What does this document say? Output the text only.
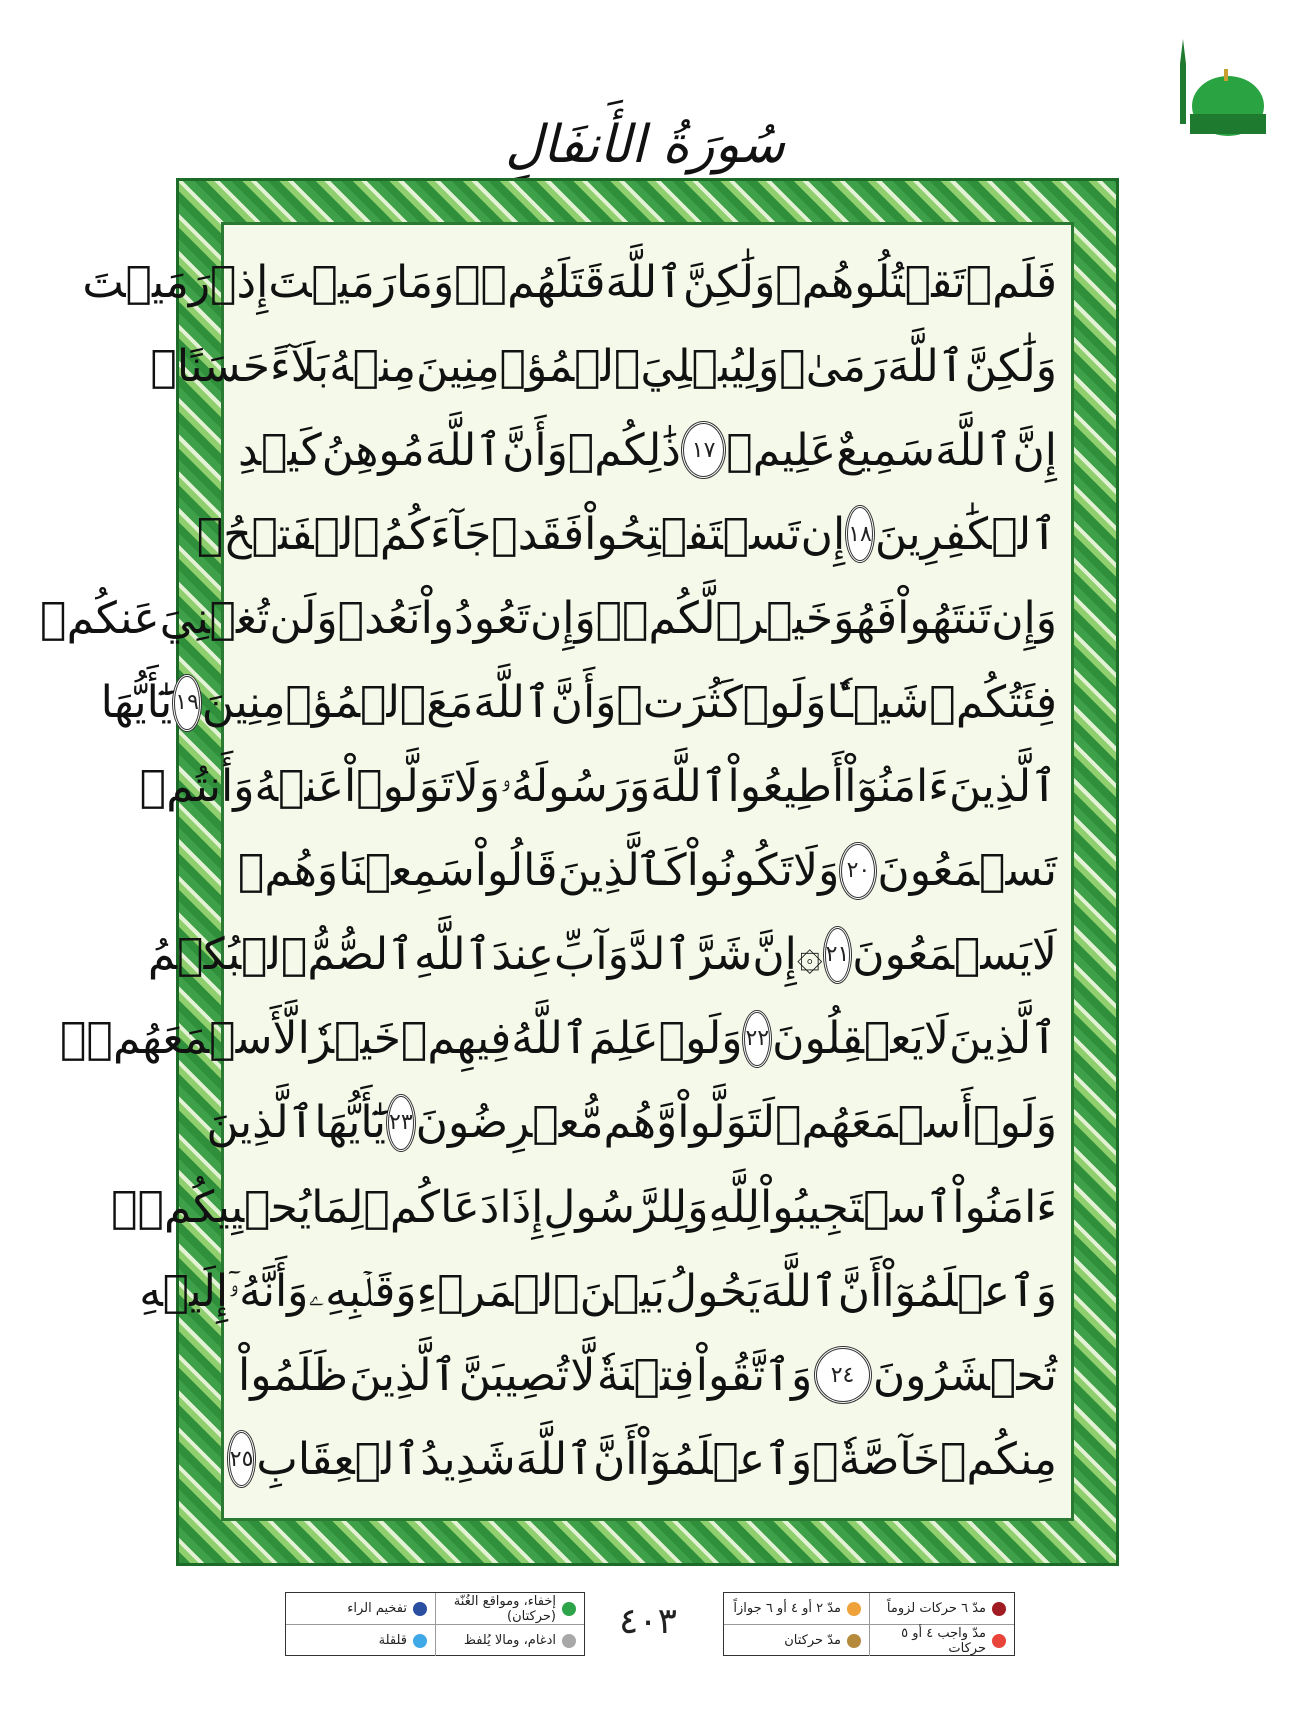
سُورَةُ الأَنفَالِ
فَلَمۡ
تَقۡتُلُوهُمۡ
وَلَٰكِنَّ
ٱللَّهَ
قَتَلَهُمۡۚ
وَمَا
رَمَيۡتَ
إِذۡ
رَمَيۡتَ
وَلَٰكِنَّ
ٱللَّهَ
رَمَىٰۚ
وَلِيُبۡلِيَ
ٱلۡمُؤۡمِنِينَ
مِنۡهُ
بَلَآءً
حَسَنًاۚ
إِنَّ
ٱللَّهَ
سَمِيعٌ
عَلِيمٞ
١٧
ذَٰلِكُمۡ
وَأَنَّ
ٱللَّهَ
مُوهِنُ
كَيۡدِ
ٱلۡكَٰفِرِينَ
١٨
إِن
تَسۡتَفۡتِحُواْ
فَقَدۡ
جَآءَكُمُ
ٱلۡفَتۡحُۖ
وَإِن
تَنتَهُواْ
فَهُوَ
خَيۡرٞ
لَّكُمۡۖ
وَإِن
تَعُودُواْ
نَعُدۡ
وَلَن
تُغۡنِيَ
عَنكُمۡ
فِئَتُكُمۡ
شَيۡـٔٗا
وَلَوۡ
كَثُرَتۡ
وَأَنَّ
ٱللَّهَ
مَعَ
ٱلۡمُؤۡمِنِينَ
١٩
يَٰٓأَيُّهَا
ٱلَّذِينَ
ءَامَنُوٓاْ
أَطِيعُواْ
ٱللَّهَ
وَرَسُولَهُۥ
وَلَا
تَوَلَّوۡاْ
عَنۡهُ
وَأَنتُمۡ
تَسۡمَعُونَ
٢٠
وَلَا
تَكُونُواْ
كَٱلَّذِينَ
قَالُواْ
سَمِعۡنَا
وَهُمۡ
لَا
يَسۡمَعُونَ
٢١
۞إِنَّ
شَرَّ
ٱلدَّوَآبِّ
عِندَ
ٱللَّهِ
ٱلصُّمُّ
ٱلۡبُكۡمُ
ٱلَّذِينَ
لَا
يَعۡقِلُونَ
٢٢
وَلَوۡ
عَلِمَ
ٱللَّهُ
فِيهِمۡ
خَيۡرٗا
لَّأَسۡمَعَهُمۡۖ
وَلَوۡ
أَسۡمَعَهُمۡ
لَتَوَلَّواْ
وَّهُم
مُّعۡرِضُونَ
٢٣
يَٰٓأَيُّهَا
ٱلَّذِينَ
ءَامَنُواْ
ٱسۡتَجِيبُواْ
لِلَّهِ
وَلِلرَّسُولِ
إِذَا
دَعَاكُمۡ
لِمَا
يُحۡيِيكُمۡۖ
وَٱعۡلَمُوٓاْ
أَنَّ
ٱللَّهَ
يَحُولُ
بَيۡنَ
ٱلۡمَرۡءِ
وَقَلۡبِهِۦ
وَأَنَّهُۥٓ
إِلَيۡهِ
تُحۡشَرُونَ
٢٤
وَٱتَّقُواْ
فِتۡنَةٗ
لَّا
تُصِيبَنَّ
ٱلَّذِينَ
ظَلَمُواْ
مِنكُمۡ
خَآصَّةٗۖ
وَٱعۡلَمُوٓاْ
أَنَّ
ٱللَّهَ
شَدِيدُ
ٱلۡعِقَابِ
٢٥
إخفاء، ومواقع الغُنّة (حركتان)
تفخيم الراء
ادغام، ومالا يُلفظ
قلقلة	٤٠٣	مدّ ٦ حركات لزوماً
مدّ ٢ أو ٤ أو ٦ جوازاً
مدّ واجب ٤ أو ٥ حركات
مدّ حركتان
